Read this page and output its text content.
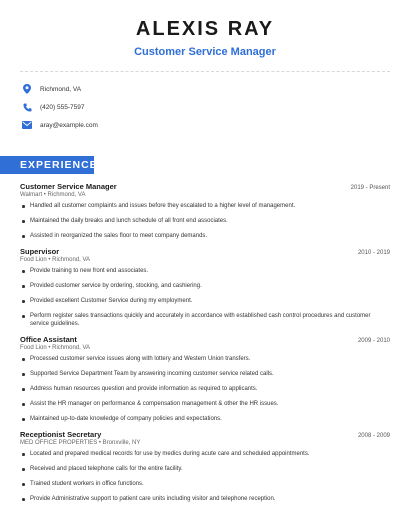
ALEXIS RAY
Customer Service Manager
Richmond, VA
(420) 555-7597
aray@example.com
EXPERIENCE
Customer Service Manager	2019 - Present
Walmart • Richmond, VA
Handled all customer complaints and issues before they escalated to a higher level of management.
Maintained the daily breaks and lunch schedule of all front end associates.
Assisted in reorganized the sales floor to meet company demands.
Supervisor	2010 - 2019
Food Lion • Richmond, VA
Provide training to new front end associates.
Provided customer service by ordering, stocking, and cashiering.
Provided excellent Customer Service during my employment.
Perform register sales transactions quickly and accurately in accordance with established cash control procedures and customer service guidelines.
Office Assistant	2009 - 2010
Food Lion • Richmond, VA
Processed customer service issues along with lottery and Western Union transfers.
Supported Service Department Team by answering incoming customer service related calls.
Address human resources question and provide information as required to applicants.
Assist the HR manager on performance & compensation management & other the HR issues.
Maintained up-to-date knowledge of company policies and expectations.
Receptionist Secretary	2008 - 2009
MED OFFICE PROPERTIES • Bronxville, NY
Located and prepared medical records for use by medics during acute care and scheduled appointments.
Received and placed telephone calls for the entire facility.
Trained student workers in office functions.
Provide Administrative support to patient care units including visitor and telephone reception.
